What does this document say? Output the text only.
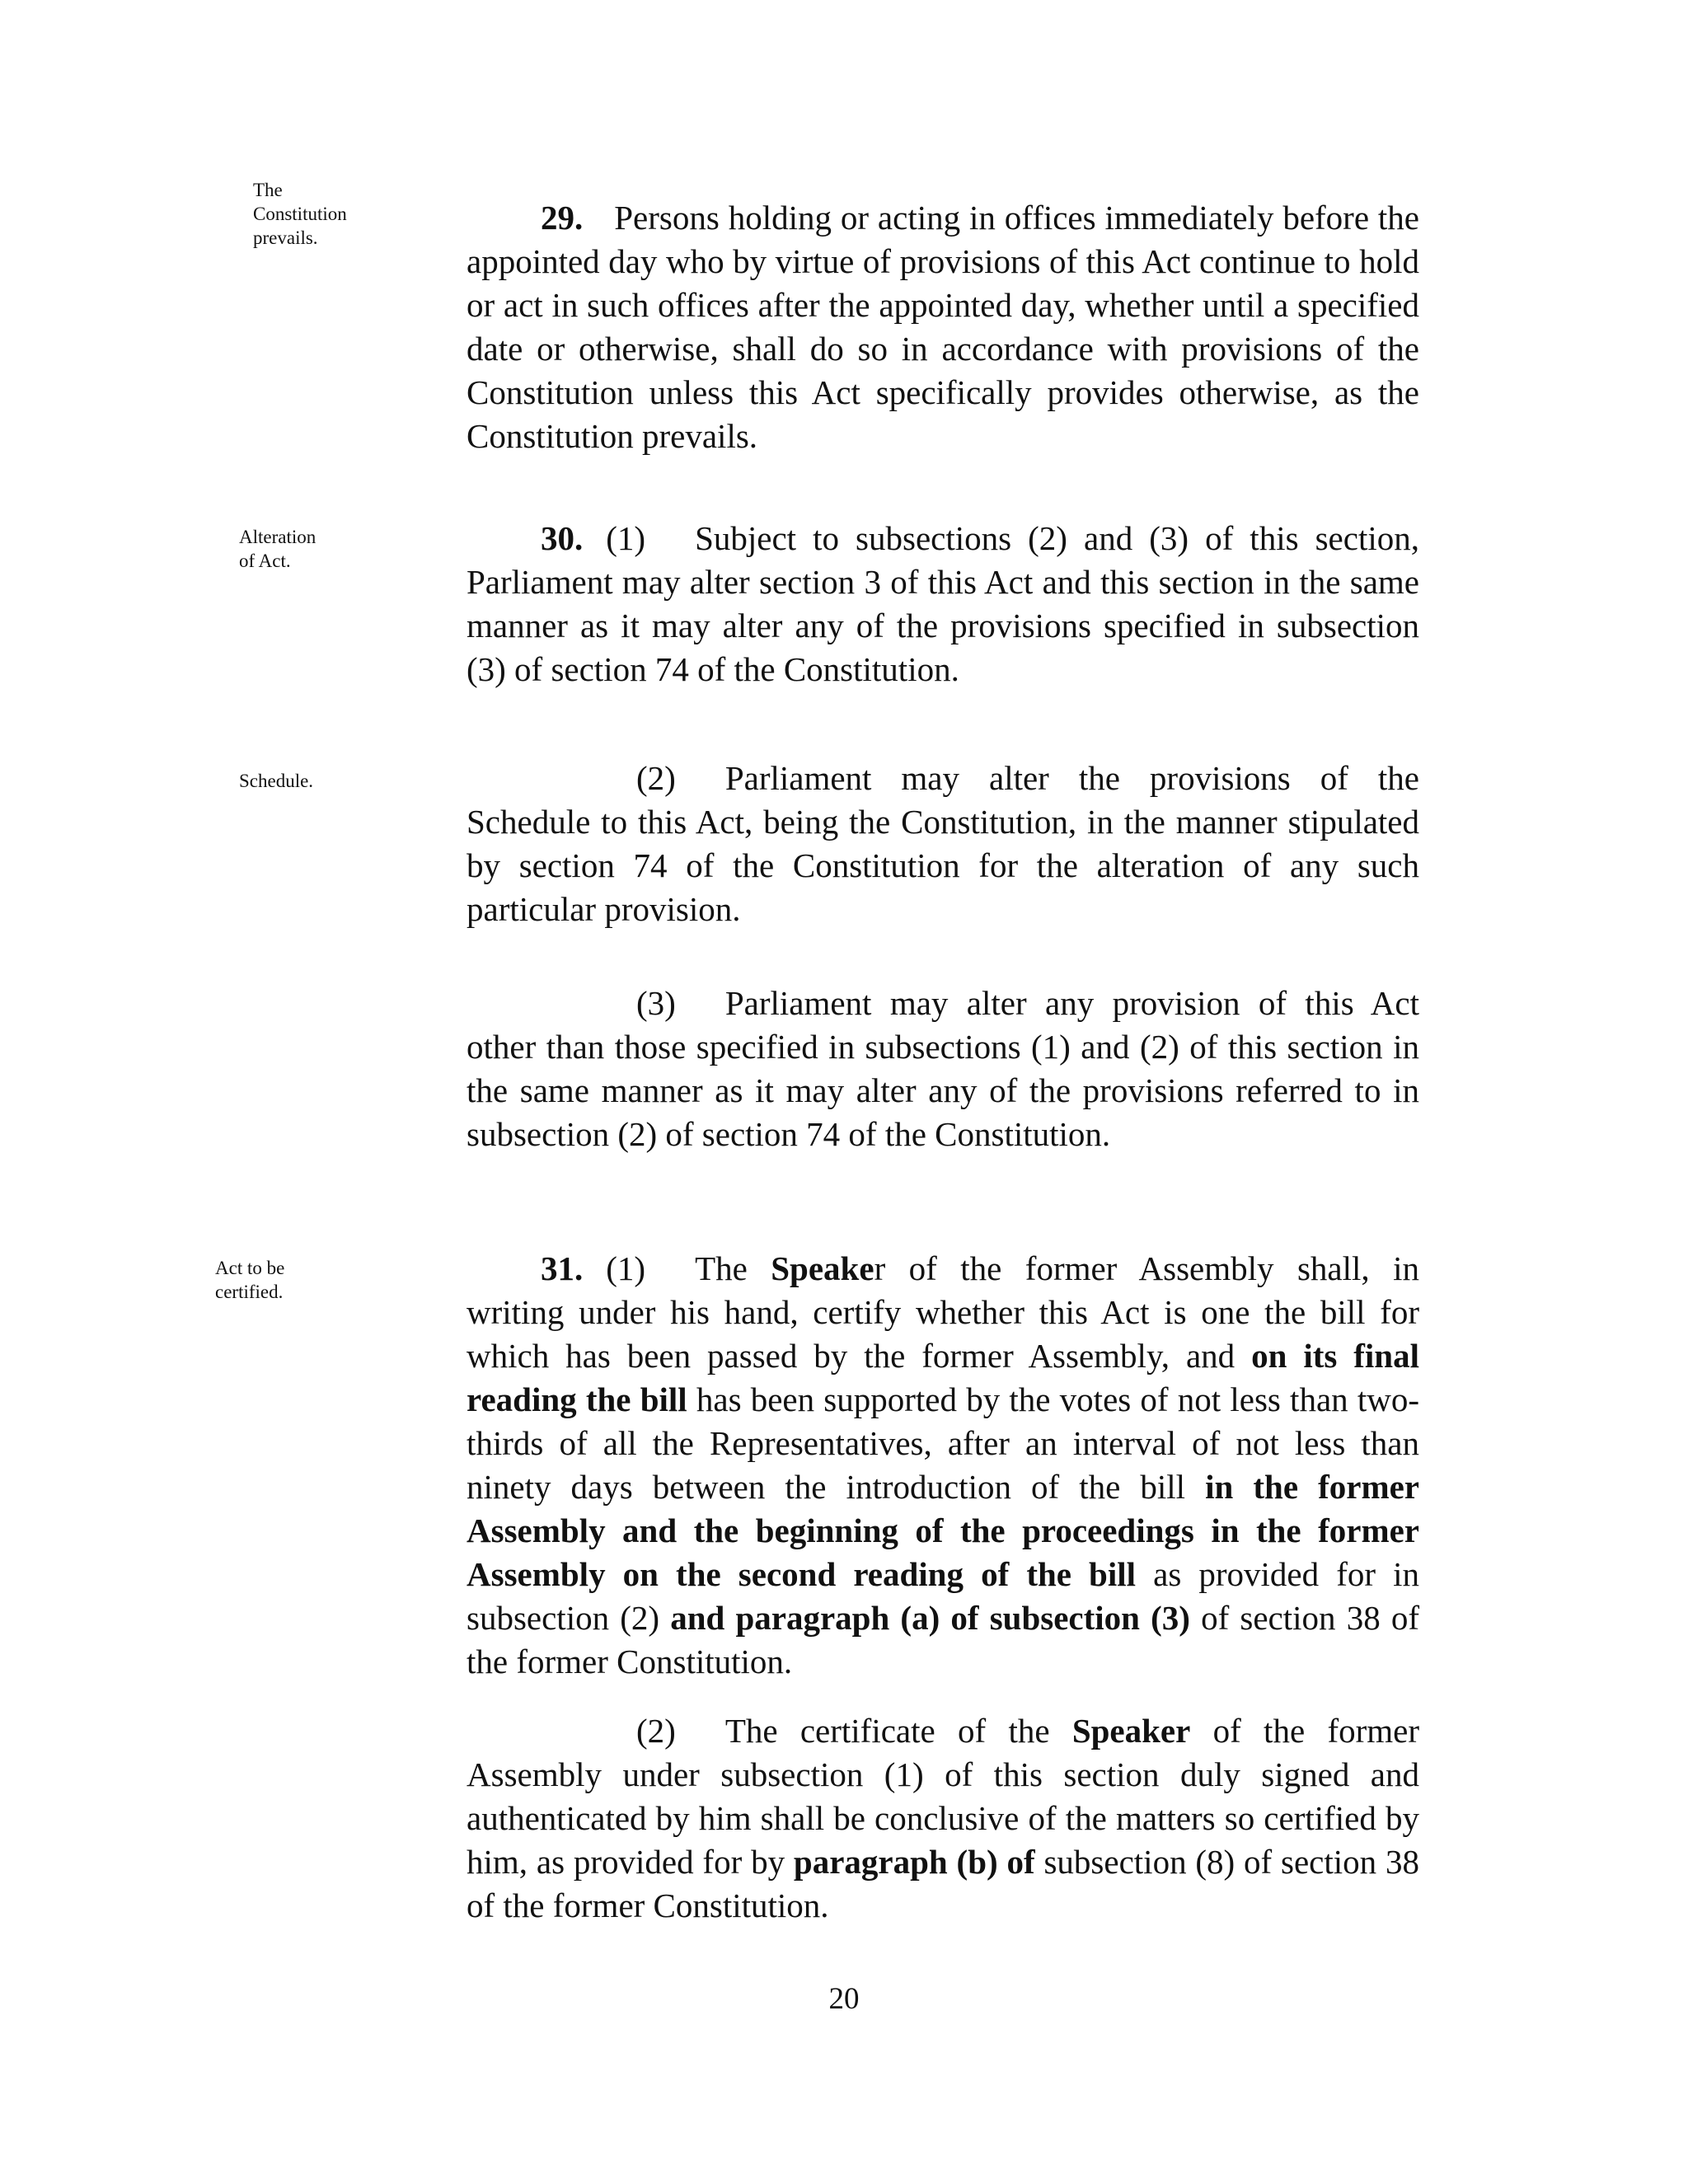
The
Constitution
prevails.
Alteration
of Act.
Schedule.
Act to be
certified.

29. Persons holding or acting in offices immediately before the appointed day who by virtue of provisions of this Act continue to hold or act in such offices after the appointed day, whether until a specified date or otherwise, shall do so in accordance with provisions of the Constitution unless this Act specifically provides otherwise, as the Constitution prevails.

30. (1) Subject to subsections (2) and (3) of this section, Parliament may alter section 3 of this Act and this section in the same manner as it may alter any of the provisions specified in subsection (3) of section 74 of the Constitution.

(2) Parliament may alter the provisions of the Schedule to this Act, being the Constitution, in the manner stipulated by section 74 of the Constitution for the alteration of any such particular provision.

(3) Parliament may alter any provision of this Act other than those specified in subsections (1) and (2) of this section in the same manner as it may alter any of the provisions referred to in subsection (2) of section 74 of the Constitution.

31. (1) The Speaker of the former Assembly shall, in writing under his hand, certify whether this Act is one the bill for which has been passed by the former Assembly, and on its final reading the bill has been supported by the votes of not less than two-thirds of all the Representatives, after an interval of not less than ninety days between the introduction of the bill in the former Assembly and the beginning of the proceedings in the former Assembly on the second reading of the bill as provided for in subsection (2) and paragraph (a) of subsection (3) of section 38 of the former Constitution.

(2) The certificate of the Speaker of the former Assembly under subsection (1) of this section duly signed and authenticated by him shall be conclusive of the matters so certified by him, as provided for by paragraph (b) of subsection (8) of section 38 of the former Constitution.

20
